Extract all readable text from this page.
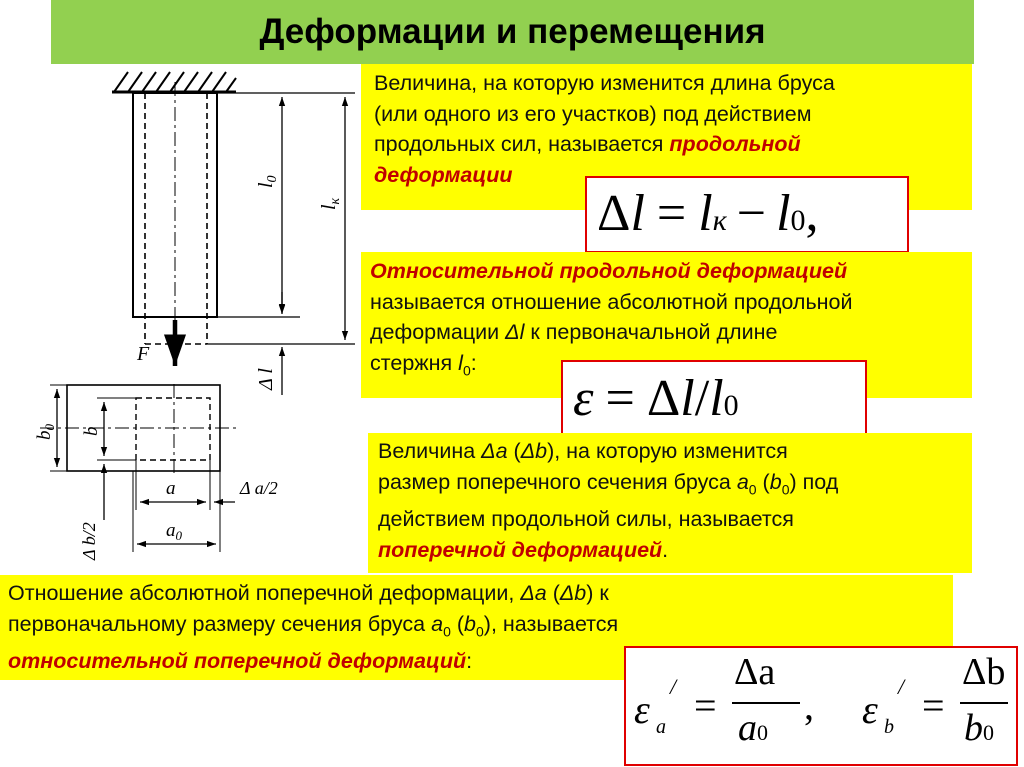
Деформации и перемещения
F
$l_0$
$l_к$
Δ l
$b_0$ b
Δ b/2
a	Δ a/2
$a_0$
Величина, на которую изменится длина бруса
(или одного из его участков) под действием
продольных сил, называется продольной
деформации
Δl = lк − l0,
Относительной продольной деформацией
называется отношение абсолютной продольной
деформации Δl к первоначальной длине
стержня $l_0$:
ε = Δl/l0
Величина Δa (Δb), на которую изменится
размер поперечного сечения бруса $a_0$ $(b_0)$ под
действием продольной силы, называется
поперечной деформацией.
Отношение абсолютной поперечной деформации, Δa (Δb) к
первоначальному размеру сечения бруса $a_0$ $(b_0)$, называется
относительной поперечной деформаций:
ε a
/ =
Δa
a0
, ε b
/ =
Δb
b0
